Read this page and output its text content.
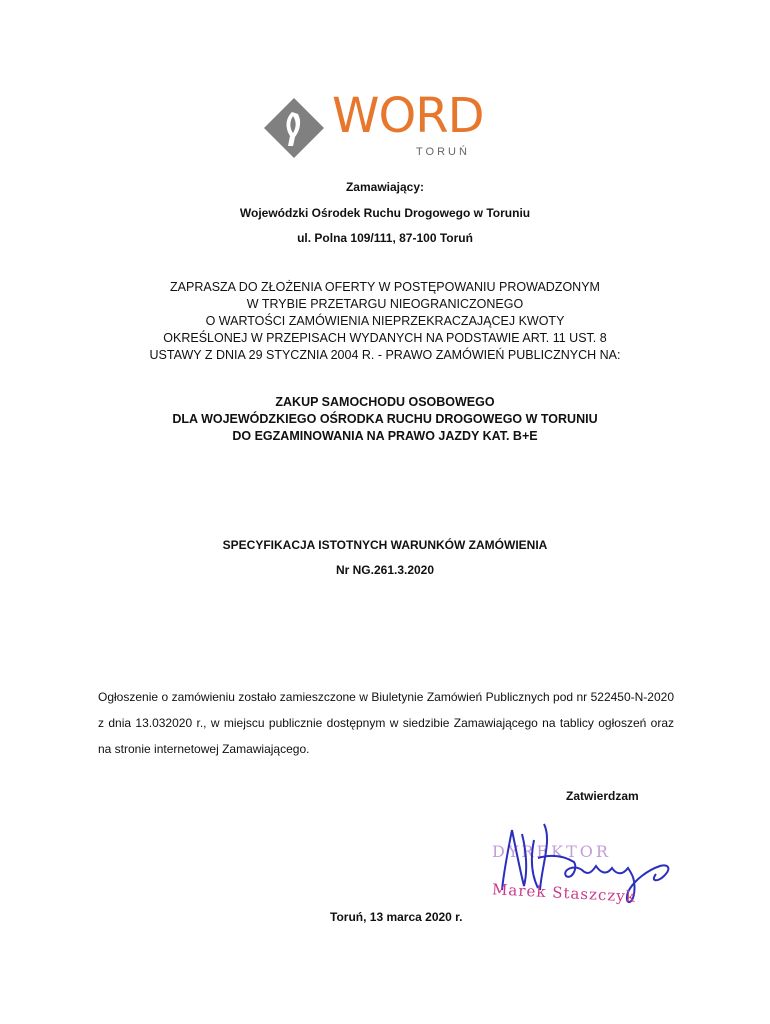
WORD
TORUŃ
Zamawiający:
Wojewódzki Ośrodek Ruchu Drogowego w Toruniu
ul. Polna 109/111, 87-100 Toruń
ZAPRASZA DO ZŁOŻENIA OFERTY W POSTĘPOWANIU PROWADZONYM
W TRYBIE PRZETARGU NIEOGRANICZONEGO
O WARTOŚCI ZAMÓWIENIA NIEPRZEKRACZAJĄCEJ KWOTY
OKREŚLONEJ W PRZEPISACH WYDANYCH NA PODSTAWIE ART. 11 UST. 8
USTAWY Z DNIA 29 STYCZNIA 2004 R. - PRAWO ZAMÓWIEŃ PUBLICZNYCH NA:
ZAKUP SAMOCHODU OSOBOWEGO
DLA WOJEWÓDZKIEGO OŚRODKA RUCHU DROGOWEGO W TORUNIU
DO EGZAMINOWANIA NA PRAWO JAZDY KAT. B+E
SPECYFIKACJA ISTOTNYCH WARUNKÓW ZAMÓWIENIA
Nr NG.261.3.2020
Ogłoszenie o zamówieniu zostało zamieszczone w Biuletynie Zamówień Publicznych pod nr 522450-N-2020 z dnia 13.032020 r., w miejscu publicznie dostępnym w siedzibie Zamawiającego na tablicy ogłoszeń oraz na stronie internetowej Zamawiającego.
Zatwierdzam
DYREKTOR
Marek Staszczyk
Toruń, 13 marca 2020 r.
